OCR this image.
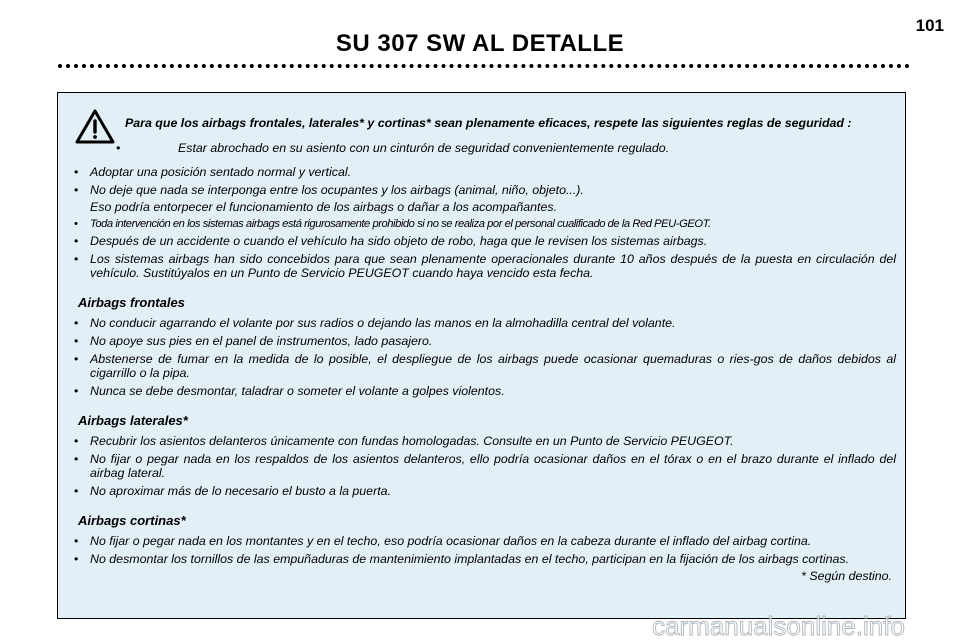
SU 307 SW AL DETALLE
101
Para que los airbags frontales, laterales* y cortinas* sean plenamente eficaces, respete las siguientes reglas de seguridad :
•	Estar abrochado en su asiento con un cinturón de seguridad convenientemente regulado.
• Adoptar una posición sentado normal y vertical.
• No deje que nada se interponga entre los ocupantes y los airbags (animal, niño, objeto...).
Eso podría entorpecer el funcionamiento de los airbags o dañar a los acompañantes.
• Toda intervención en los sistemas airbags está rigurosamente prohibido si no se realiza por el personal cualificado de la Red PEU-GEOT.
• Después de un accidente o cuando el vehículo ha sido objeto de robo, haga que le revisen los sistemas airbags.
• Los sistemas airbags han sido concebidos para que sean plenamente operacionales durante 10 años después de la puesta en circulación del vehículo. Sustitúyalos en un Punto de Servicio PEUGEOT cuando haya vencido esta fecha.
Airbags frontales
• No conducir agarrando el volante por sus radios o dejando las manos en la almohadilla central del volante.
• No apoye sus pies en el panel de instrumentos, lado pasajero.
• Abstenerse de fumar en la medida de lo posible, el despliegue de los airbags puede ocasionar quemaduras o ries-gos de daños debidos al cigarrillo o la pipa.
• Nunca se debe desmontar, taladrar o someter el volante a golpes violentos.
Airbags laterales*
• Recubrir los asientos delanteros únicamente con fundas homologadas. Consulte en un Punto de Servicio PEUGEOT.
• No fijar o pegar nada en los respaldos de los asientos delanteros, ello podría ocasionar daños en el tórax o en el brazo durante el inflado del airbag lateral.
• No aproximar más de lo necesario el busto a la puerta.
Airbags cortinas*
• No fijar o pegar nada en los montantes y en el techo, eso podría ocasionar daños en la cabeza durante el inflado del airbag cortina.
• No desmontar los tornillos de las empuñaduras de mantenimiento implantadas en el techo, participan en la fijación de los airbags cortinas.
* Según destino.
carmanualsonline.info
